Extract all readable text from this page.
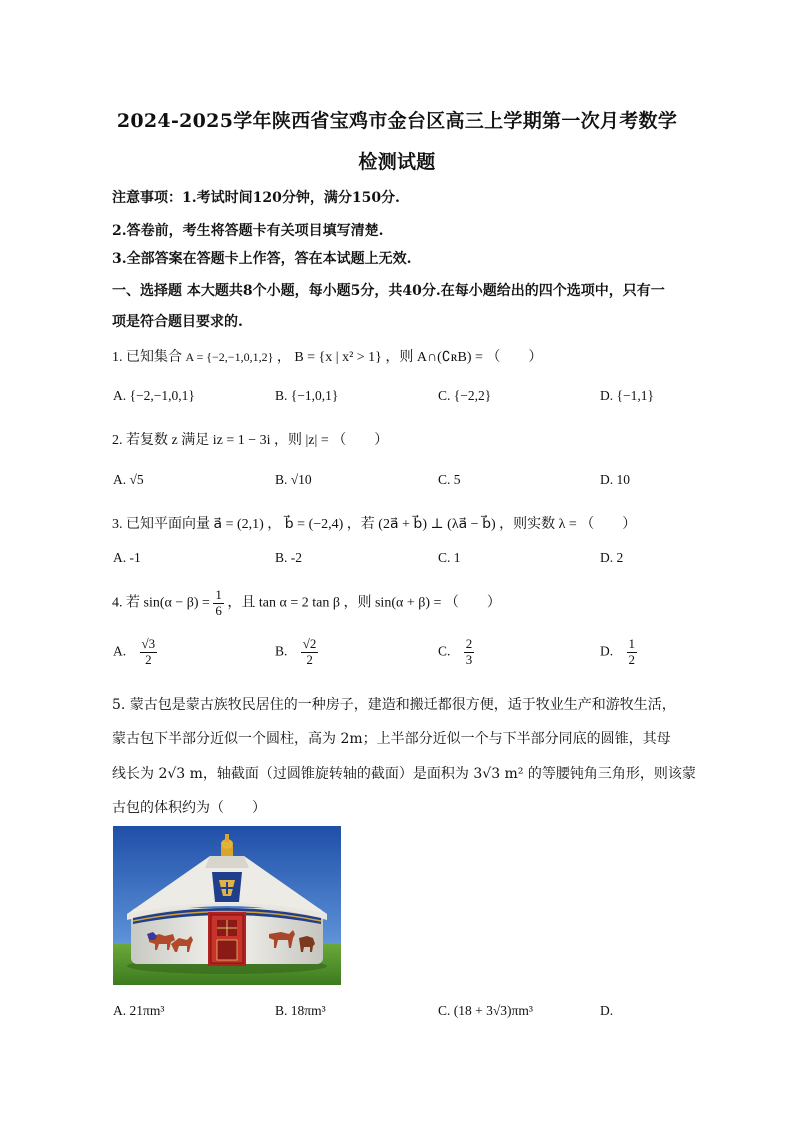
2024-2025学年陕西省宝鸡市金台区高三上学期第一次月考数学
检测试题
注意事项：1.考试时间120分钟，满分150分.
2.答卷前，考生将答题卡有关项目填写清楚.
3.全部答案在答题卡上作答，答在本试题上无效.
一、选择题 本大题共8个小题，每小题5分，共40分.在每小题给出的四个选项中，只有一
项是符合题目要求的.
1. 已知集合 A = {−2,−1,0,1,2} ， B = {x | x² > 1} ，则 A∩(∁ʀB) = （　　）
A. {−2,−1,0,1}	B. {−1,0,1}	C. {−2,2}	D. {−1,1}
2. 若复数 z 满足 iz = 1 − 3i ，则 |z| = （　　）
A. √5	B. √10	C. 5	D. 10
3. 已知平面向量 a⃗ = (2,1) ， b⃗ = (−2,4) ，若 (2a⃗ + b⃗) ⊥ (λa⃗ − b⃗) ，则实数 λ = （　　）
A. -1	B. -2	C. 1	D. 2
4. 若 $\sin(\alpha - \beta) = \frac{1}{6}$ ，且 tan α = 2 tan β ，则 sin(α + β) = （　　）
A. $\frac{√3}{2}$	B. $\frac{√2}{2}$	C. $\frac{2}{3}$	D. $\frac{1}{2}$
5. 蒙古包是蒙古族牧民居住的一种房子，建造和搬迁都很方便，适于牧业生产和游牧生活，
蒙古包下半部分近似一个圆柱，高为 2m；上半部分近似一个与下半部分同底的圆锥，其母
线长为 2√3 m，轴截面（过圆锥旋转轴的截面）是面积为 3√3 m² 的等腰钝角三角形，则该蒙
古包的体积约为（　　）
A. 21πm³	B. 18πm³	C. (18 + 3√3)πm³	D.
